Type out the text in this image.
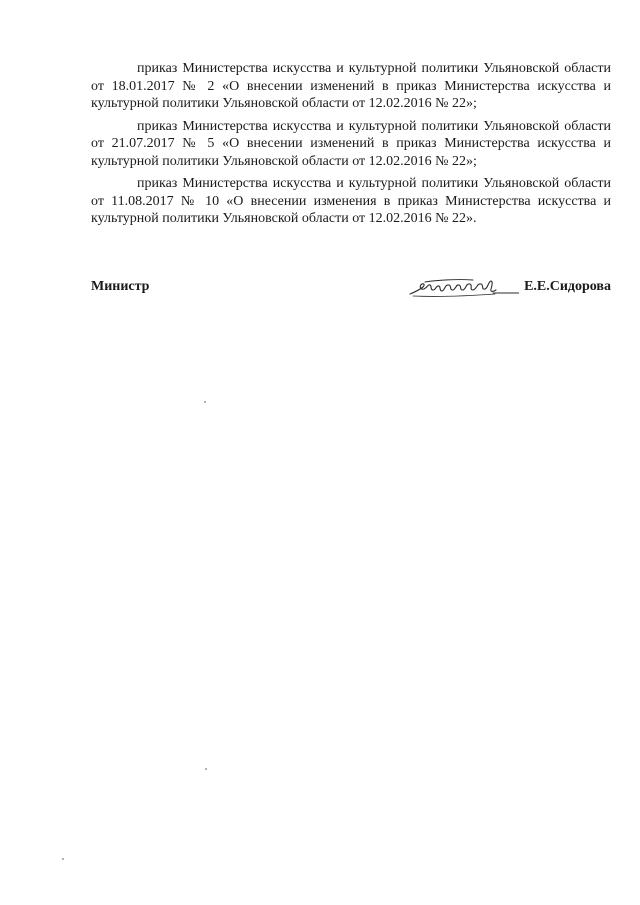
приказ Министерства искусства и культурной политики Ульяновской области от 18.01.2017 № 2 «О внесении изменений в приказ Министерства искусства и культурной политики Ульяновской области от 12.02.2016 № 22»;

приказ Министерства искусства и культурной политики Ульяновской области от 21.07.2017 № 5 «О внесении изменений в приказ Министерства искусства и культурной политики Ульяновской области от 12.02.2016 № 22»;

приказ Министерства искусства и культурной политики Ульяновской области от 11.08.2017 № 10 «О внесении изменения в приказ Министерства искусства и культурной политики Ульяновской области от 12.02.2016 № 22».

Министр	Е.Е.Сидорова
